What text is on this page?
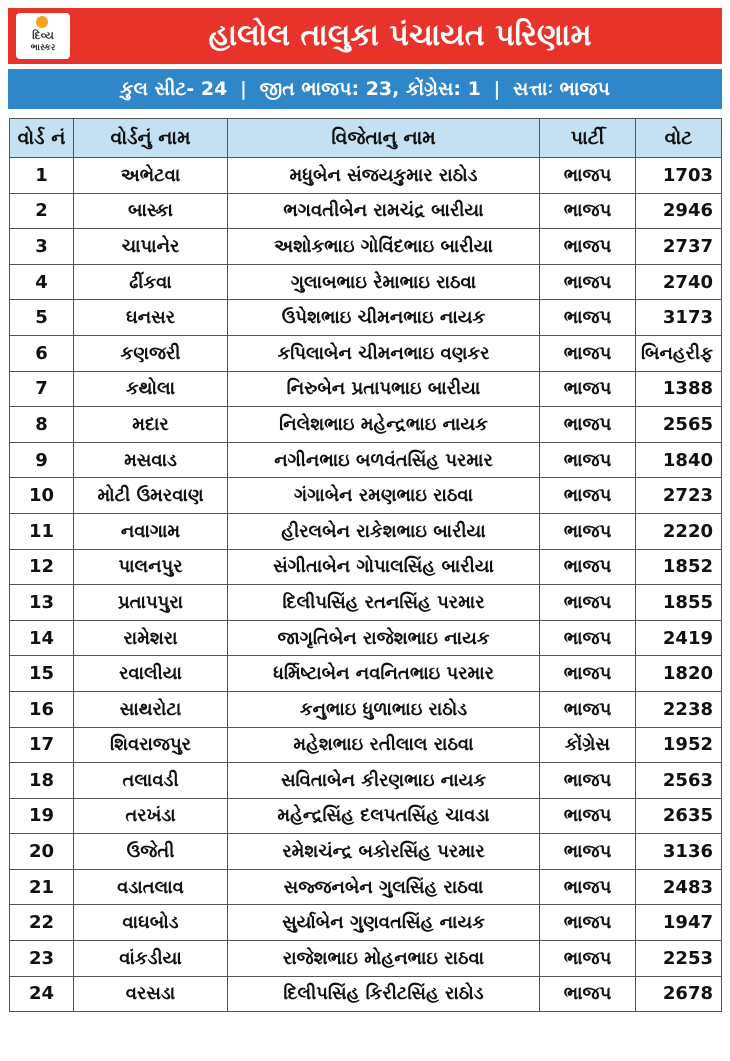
દિવ્ય
ભાસ્કર	હાલોલ તાલુકા પંચાયત પરિણામ
કુલ સીટ- 24 | જીત ભાજપ: 23, કોંગ્રેસ: 1 | સત્તાઃ ભાજપ
વોર્ડ નં	વોર્ડનું નામ	વિજેતાનુ નામ	પાર્ટી	વોટ
1	અભેટવા	મધુબેન સંજયકુમાર રાઠોડ	ભાજપ	1703
2	બાસ્કા	ભગવતીબેન રામચંદ્ર બારીયા	ભાજપ	2946
3	ચાપાનેર	અશોકભાઇ ગોવિંદભાઇ બારીયા	ભાજપ	2737
4	ઢીંકવા	ગુલાબભાઇ રેમાભાઇ રાઠવા	ભાજપ	2740
5	ઘનસર	ઉપેશભાઇ ચીમનભાઇ નાયક	ભાજપ	3173
6	કણજરી	કપિલાબેન ચીમનભાઇ વણકર	ભાજપ	બિનહરીફ
7	કથોલા	નિરુબેન પ્રતાપભાઇ બારીયા	ભાજપ	1388
8	મદાર	નિલેશભાઇ મહેન્દ્રભાઇ નાયક	ભાજપ	2565
9	મસવાડ	નગીનભાઇ બળવંતસિંહ પરમાર	ભાજપ	1840
10	મોટી ઉમરવાણ	ગંગાબેન રમણભાઇ રાઠવા	ભાજપ	2723
11	નવાગામ	હીરલબેન રાકેશભાઇ બારીયા	ભાજપ	2220
12	પાલનપુર	સંગીતાબેન ગોપાલસિંહ બારીયા	ભાજપ	1852
13	પ્રતાપપુરા	દિલીપસિંહ રતનસિંહ પરમાર	ભાજપ	1855
14	રામેશરા	જાગૃતિબેન રાજેશભાઇ નાયક	ભાજપ	2419
15	રવાલીયા	ધર્મિષ્ટાબેન નવનિતભાઇ પરમાર	ભાજપ	1820
16	સાથરોટા	કનુભાઇ ધુળાભાઇ રાઠોડ	ભાજપ	2238
17	શિવરાજપુર	મહેશભાઇ રતીલાલ રાઠવા	કોંગ્રેસ	1952
18	તલાવડી	સવિતાબેન કીરણભાઇ નાયક	ભાજપ	2563
19	તરખંડા	મહેન્દ્રસિંહ દલપતસિંહ ચાવડા	ભાજપ	2635
20	ઉજેતી	રમેશચંન્દ્ર બકોરસિંહ પરમાર	ભાજપ	3136
21	વડાતલાવ	સજ્જનબેન ગુલસિંહ રાઠવા	ભાજપ	2483
22	વાઘબોડ	સુર્યાબેન ગુણવતસિંહ નાયક	ભાજપ	1947
23	વાંકડીયા	રાજેશભાઇ મોહનભાઇ રાઠવા	ભાજપ	2253
24	વરસડા	દિલીપસિંહ કિરીટસિંહ રાઠોડ	ભાજપ	2678
